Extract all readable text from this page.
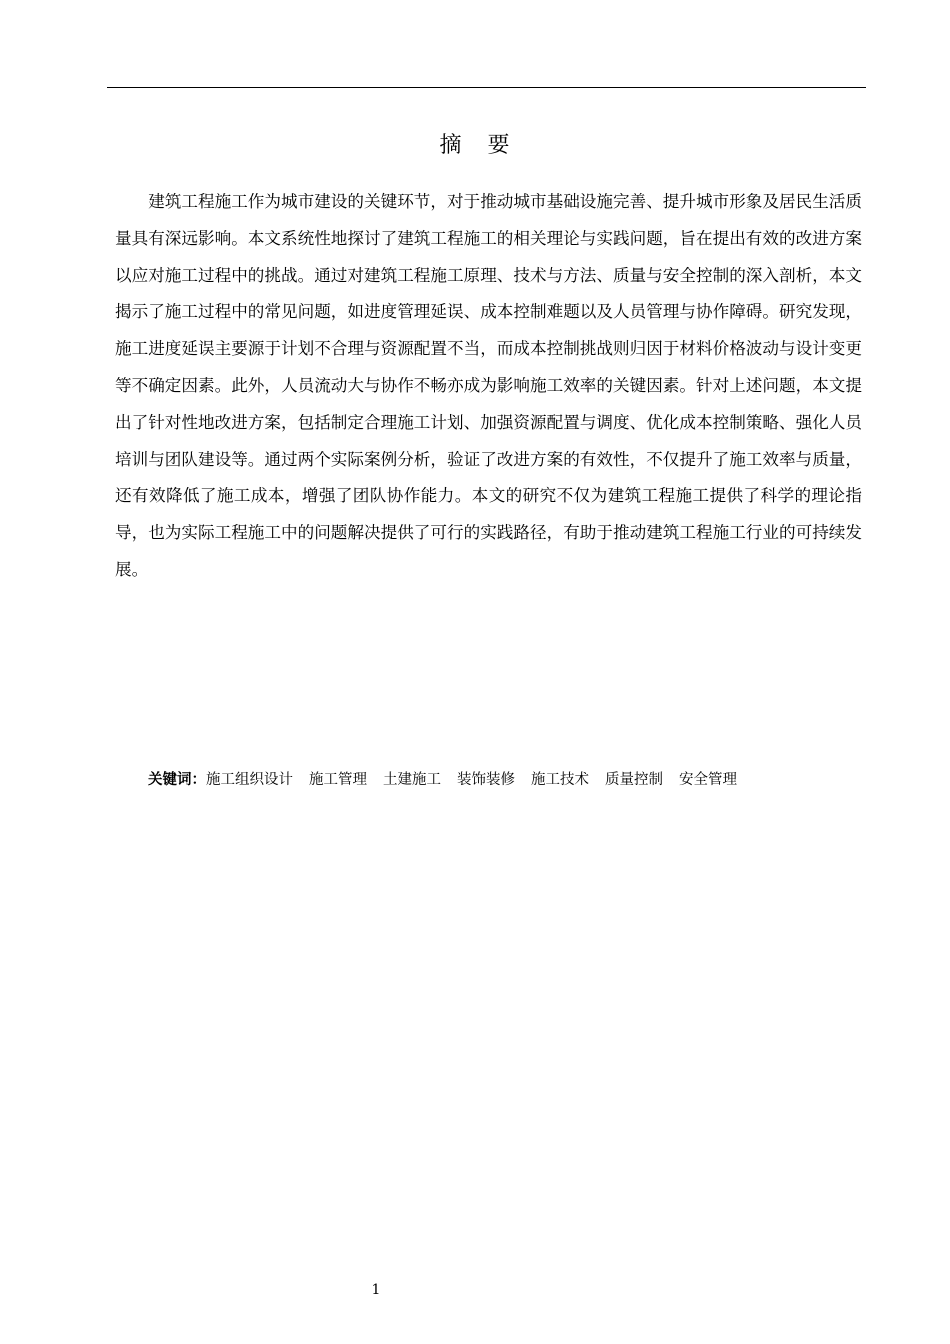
摘要

建筑工程施工作为城市建设的关键环节，对于推动城市基础设施完善、提升城市形象及居民生活质量具有深远影响。本文系统性地探讨了建筑工程施工的相关理论与实践问题，旨在提出有效的改进方案以应对施工过程中的挑战。通过对建筑工程施工原理、技术与方法、质量与安全控制的深入剖析，本文揭示了施工过程中的常见问题，如进度管理延误、成本控制难题以及人员管理与协作障碍。研究发现，施工进度延误主要源于计划不合理与资源配置不当，而成本控制挑战则归因于材料价格波动与设计变更等不确定因素。此外，人员流动大与协作不畅亦成为影响施工效率的关键因素。针对上述问题，本文提出了针对性地改进方案，包括制定合理施工计划、加强资源配置与调度、优化成本控制策略、强化人员培训与团队建设等。通过两个实际案例分析，验证了改进方案的有效性，不仅提升了施工效率与质量，还有效降低了施工成本，增强了团队协作能力。本文的研究不仅为建筑工程施工提供了科学的理论指导，也为实际工程施工中的问题解决提供了可行的实践路径，有助于推动建筑工程施工行业的可持续发展。

关键词：施工组织设计 施工管理 土建施工 装饰装修 施工技术 质量控制 安全管理
1
